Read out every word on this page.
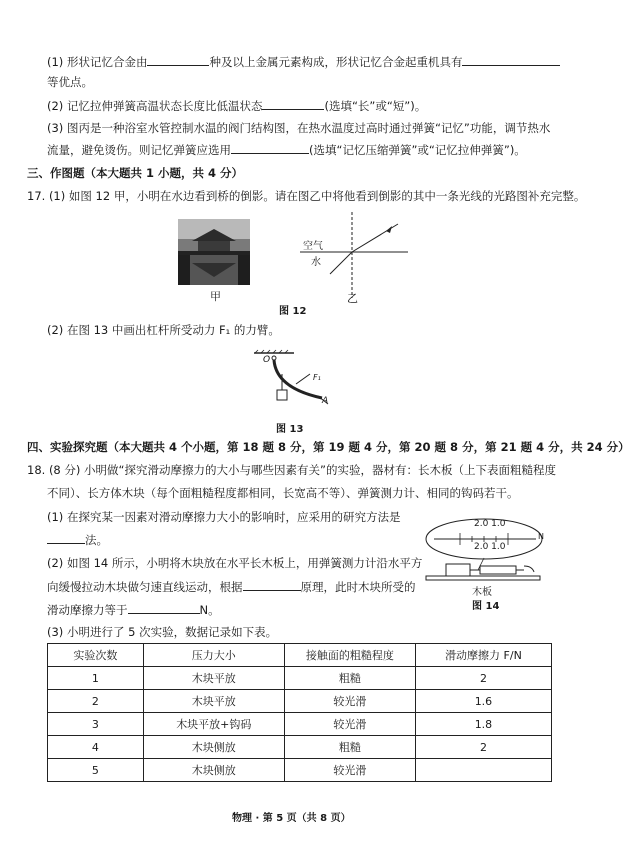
(1) 形状记忆合金由	种及以上金属元素构成，形状记忆合金起重机具有
等优点。
(2) 记忆拉伸弹簧高温状态长度比低温状态	(选填“长”或“短”)。
(3) 图丙是一种浴室水管控制水温的阀门结构图，在热水温度过高时通过弹簧“记忆”功能，调节热水
流量，避免烫伤。则记忆弹簧应选用	(选填“记忆压缩弹簧”或“记忆拉伸弹簧”)。
三、作图题（本大题共 1 小题，共 4 分）
17. (1) 如图 12 甲，小明在水边看到桥的倒影。请在图乙中将他看到倒影的其中一条光线的光路图补充完整。
甲
空气
水
乙
图 12
(2) 在图 13 中画出杠杆所受动力 F₁ 的力臂。
O
A
F₁
图 13
四、实验探究题（本大题共 4 个小题，第 18 题 8 分，第 19 题 4 分，第 20 题 8 分，第 21 题 4 分，共 24 分）
18. (8 分) 小明做“探究滑动摩擦力的大小与哪些因素有关”的实验，器材有：长木板（上下表面粗糙程度
不同）、长方体木块（每个面粗糙程度都相同，长宽高不等）、弹簧测力计、相同的钩码若干。
(1) 在探究某一因素对滑动摩擦力大小的影响时，应采用的研究方法是
法。
(2) 如图 14 所示，小明将木块放在水平长木板上，用弹簧测力计沿水平方
向缓慢拉动木块做匀速直线运动，根据	原理，此时木块所受的
滑动摩擦力等于	N。
2.0 1.0
2.0 1.0
N
木板
图 14
(3) 小明进行了 5 次实验，数据记录如下表。
实验次数	压力大小	接触面的粗糙程度	滑动摩擦力 F/N
1	木块平放	粗糙	2
2	木块平放	较光滑	1.6
3	木块平放+钩码	较光滑	1.8
4	木块侧放	粗糙	2
5	木块侧放	较光滑	
物理 · 第 5 页（共 8 页）
